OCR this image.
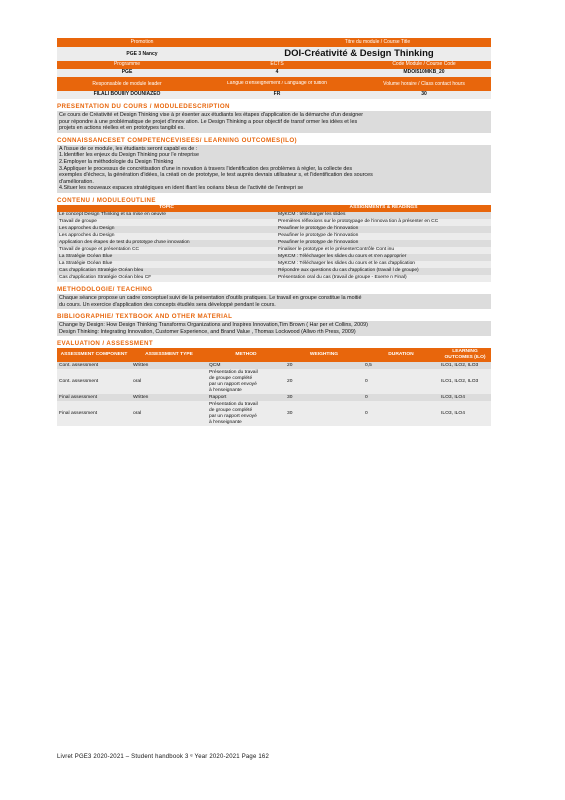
Promotion	Titre du module / Course Title
PGE 3 Nancy	DOI-Créativité & Design Thinking
Programme	ECTS	Code Module / Course Code
PGE	4	MDOI510MKB_20
Responsable de module leader	Langue d'enseignement / Language of tuition	Volume horaire / Class contact hours
FILALI BOUIIIY DOUNIAZEO	FR	30
PRESENTATION DU COURS / MODULEDESCRIPTION
Ce cours de Créativité et Design Thinking vise à pr ésenter aux étudiants les étapes d'application de la démarche d'un designer
pour répondre à une problématique de projet d'innov ation. Le Design Thinking a pour objectif de transf ormer les idées et les
projets en actions réelles et en prototypes tangibl es.
CONNAISSANCESET COMPETENCEVISEES/ LEARNING OUTCOMES(ILO)
A l'issue de ce module, les étudiants seront capabl es de :
1.Identifier les enjeux du Design Thinking pour l'e ntreprise
2.Employer la méthodologie du Design Thinking
3.Appliquer le processus de concrétisation d'une in novation à travers l'identification des problèmes à régler, la collecte des
exemples d'échecs, la génération d'idées, la créati on de prototype, le test auprès devrais utilisateur s, et l'identification des sources
d'amélioration.
4.Situer les nouveaux espaces stratégiques en ident ifiant les océans bleus de l'activité de l'entrepri se
CONTENU / MODULEOUTLINE
TOPIC	ASSIGNMENTS & READINGS
Le concept Design Thinking et sa mise en oeuvre	MyKCM : télécharger les slides
Travail de groupe	Premières réflexions sur le prototypage de l'innova tion à présenter en CC
Les approches du Design	Peaufiner le prototype de l'innovation
Les approches du Design	Peaufiner le prototype de l'innovation
Application des étapes de test du prototype d'une innovation	Peaufiner le prototype de l'innovation
Travail de groupe et présentation CC	Finaliser le prototype et le présenterContrôle Cont inu
La Stratégie Océan Blue	MyKCM : Télécharger les slides du cours et s'en approprier
La Stratégie Océan Blue	MyKCM : Télécharger les slides du cours et le cas d'application
Cas d'application Stratégie Océan bleu	Répondre aux questions du cas d'application (travail l de groupe)
Cas d'application Stratégie Océan bleu CF	Présentation oral du cas (travail de groupe - Exerre n Final)
METHODOLOGIE/ TEACHING
Chaque séance propose un cadre conceptuel suivi de la présentation d'outils pratiques. Le travail en groupe constitue la moitié
du cours. Un exercice d'application des concepts étudiés sera développé pendant le cours.
BIBLIOGRAPHIE/ TEXTBOOK AND OTHER MATERIAL
Change by Design: How Design Thinking Transforms Organizations and Inspires Innovation,Tim Brown ( Har per et Collins, 2009)
Design Thinking: Integrating Innovation, Customer Experience, and Brand Value , Thomas Lockwood (Allwo rth Press, 2009)
EVALUATION / ASSESSMENT
ASSESSMENT COMPONENT	ASSESSMENT TYPE	METHOD	WEIGHTING	DURATION	LEARNING OUTCOMES (ILO)
Cont. assessment	Written	QCM	20	0,5	ILO1, ILO2, ILO3
Cont. assessment	oral	Présentation du travail
de groupe complété
par un rapport envoyé
à l'enseignante	20	0	ILO1, ILO2, ILO3
Final assessment	Written	Rapport	30	0	ILO3, ILO4
Final assessment	oral	Présentation du travail
de groupe complété
par un rapport envoyé
à l'enseignante	30	0	ILO3, ILO4
Livret PGE3 2020-2021 – Student handbook 3 ᵉ Year 2020-2021 Page 162
